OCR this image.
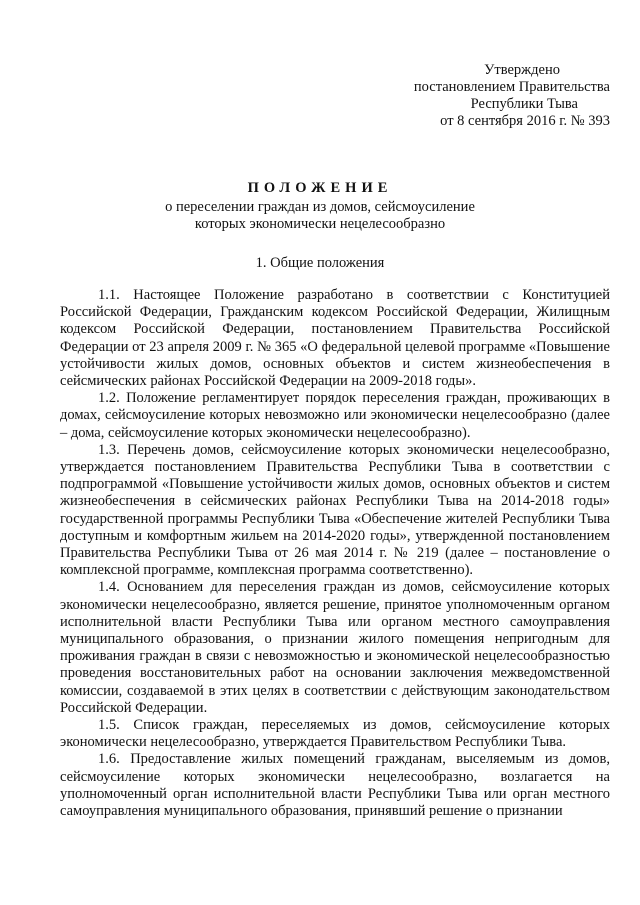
Утверждено
постановлением Правительства
Республики Тыва
от 8 сентября 2016 г. № 393
ПОЛОЖЕНИЕ
о переселении граждан из домов, сейсмоусиление
которых экономически нецелесообразно
1. Общие положения

1.1. Настоящее Положение разработано в соответствии с Конституцией Российской Федерации, Гражданским кодексом Российской Федерации, Жилищным кодексом Российской Федерации, постановлением Правительства Российской Федерации от 23 апреля 2009 г. № 365 «О федеральной целевой программе «Повышение устойчивости жилых домов, основных объектов и систем жизнеобеспечения в сейсмических районах Российской Федерации на 2009-2018 годы».

1.2. Положение регламентирует порядок переселения граждан, проживающих в домах, сейсмоусиление которых невозможно или экономически нецелесообразно (далее – дома, сейсмоусиление которых экономически нецелесообразно).

1.3. Перечень домов, сейсмоусиление которых экономически нецелесообразно, утверждается постановлением Правительства Республики Тыва в соответствии с подпрограммой «Повышение устойчивости жилых домов, основных объектов и систем жизнеобеспечения в сейсмических районах Республики Тыва на 2014-2018 годы» государственной программы Республики Тыва «Обеспечение жителей Республики Тыва доступным и комфортным жильем на 2014-2020 годы», утвержденной постановлением Правительства Республики Тыва от 26 мая 2014 г. № 219 (далее – постановление о комплексной программе, комплексная программа соответственно).

1.4. Основанием для переселения граждан из домов, сейсмоусиление которых экономически нецелесообразно, является решение, принятое уполномоченным органом исполнительной власти Республики Тыва или органом местного самоуправления муниципального образования, о признании жилого помещения непригодным для проживания граждан в связи с невозможностью и экономической нецелесообразностью проведения восстановительных работ на основании заключения межведомственной комиссии, создаваемой в этих целях в соответствии с действующим законодательством Российской Федерации.

1.5. Список граждан, переселяемых из домов, сейсмоусиление которых экономически нецелесообразно, утверждается Правительством Республики Тыва.

1.6. Предоставление жилых помещений гражданам, выселяемым из домов, сейсмоусиление которых экономически нецелесообразно, возлагается на уполномоченный орган исполнительной власти Республики Тыва или орган местного самоуправления муниципального образования, принявший решение о признании
